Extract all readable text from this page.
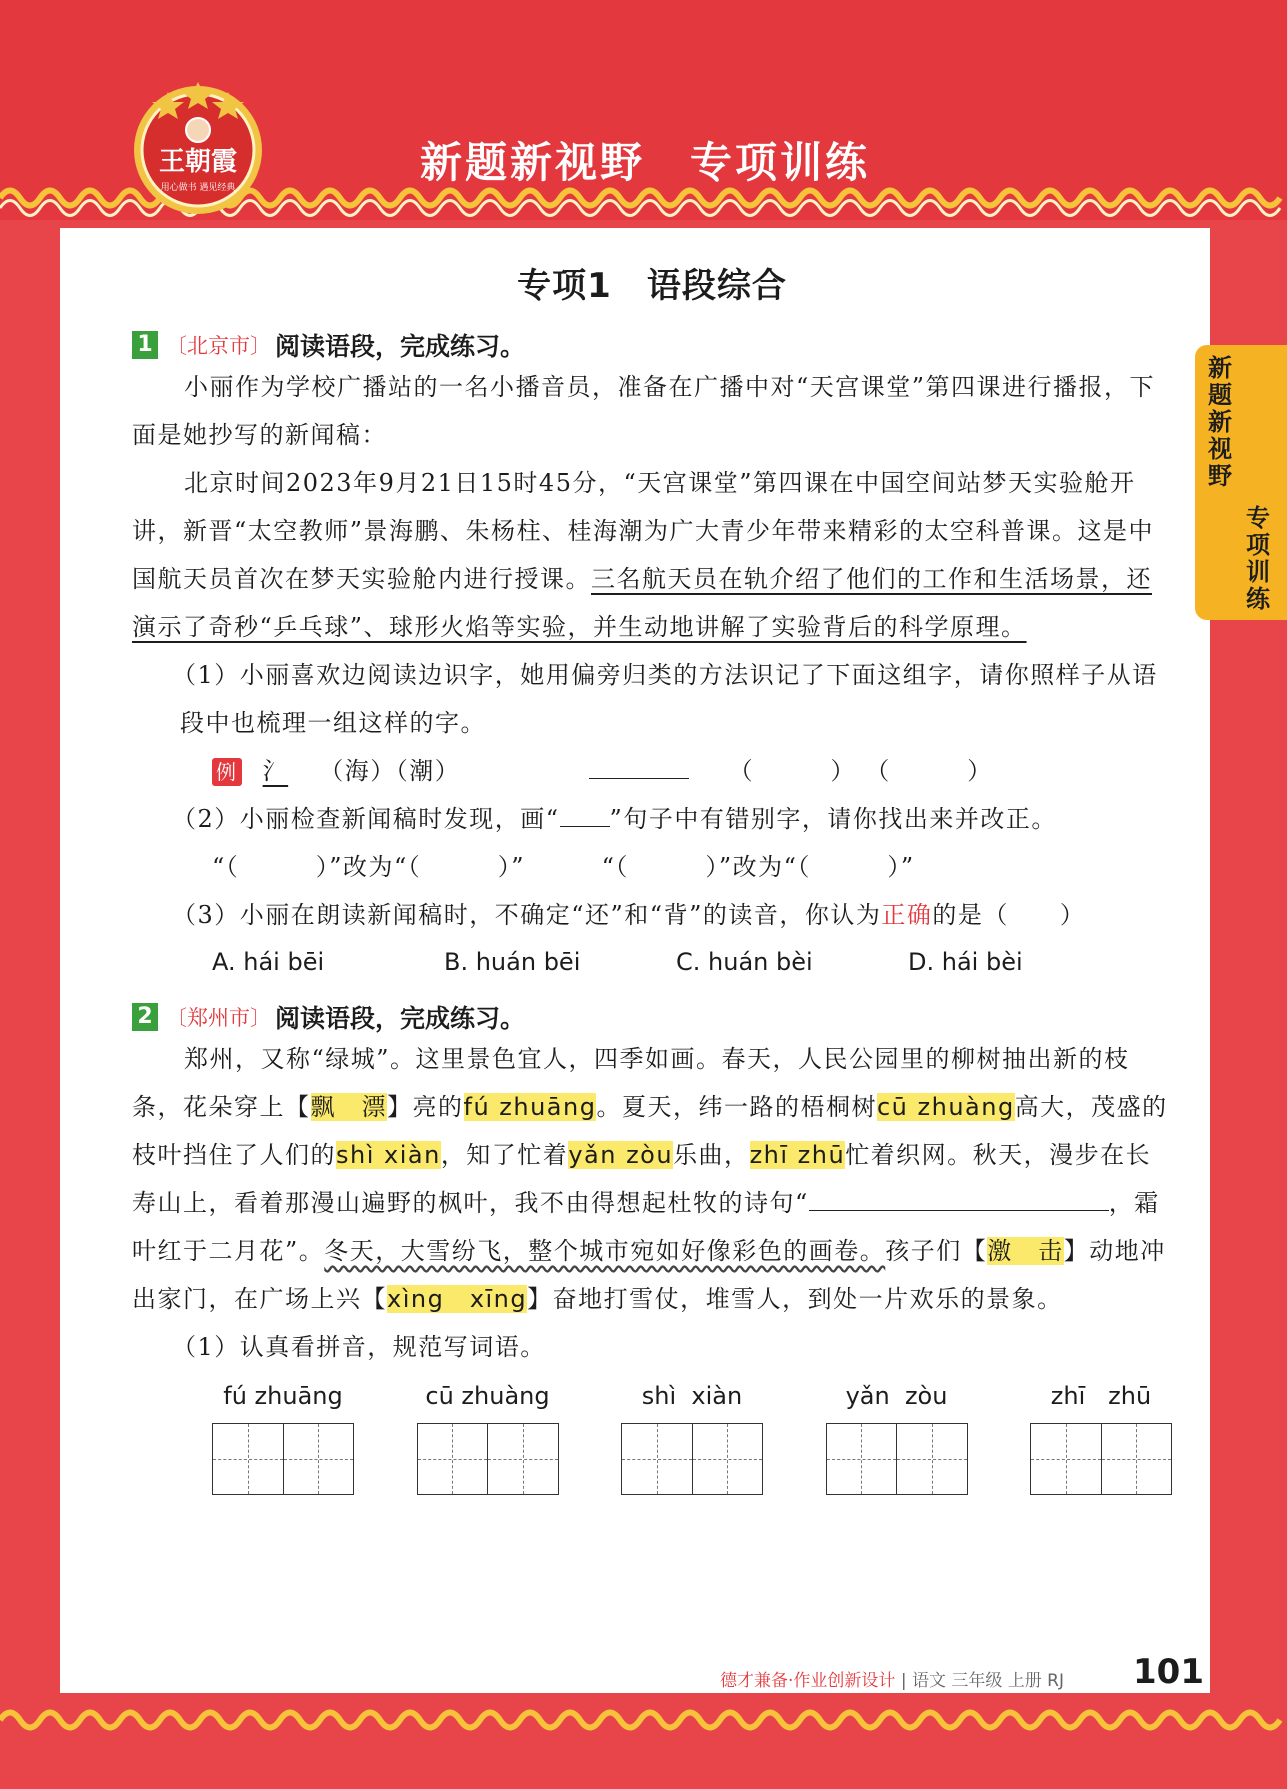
新题新视野　专项训练
王朝霞
用心做书 遇见经典
新题新视野
专项训练
专项1　语段综合
1 〔北京市〕 阅读语段，完成练习。

小丽作为学校广播站的一名小播音员，准备在广播中对“天宫课堂”第四课进行播报，下面是她抄写的新闻稿：

北京时间2023年9月21日15时45分，“天宫课堂”第四课在中国空间站梦天实验舱开讲，新晋“太空教师”景海鹏、朱杨柱、桂海潮为广大青少年带来精彩的太空科普课。这是中国航天员首次在梦天实验舱内进行授课。三名航天员在轨介绍了他们的工作和生活场景，还演示了奇秒“乒乓球”、球形火焰等实验，并生动地讲解了实验背后的科学原理。

（1）小丽喜欢边阅读边识字，她用偏旁归类的方法识记了下面这组字，请你照样子从语段中也梳理一组这样的字。

例 氵 （海）（潮）	（　　　） （　　　）

（2）小丽检查新闻稿时发现，画“ ”句子中有错别字，请你找出来并改正。

“（　　　）”改为“（　　　）”　　　“（　　　）”改为“（　　　）”

（3）小丽在朗读新闻稿时，不确定“还”和“背”的读音，你认为正确的是（　　）

A. hái bēi	B. huán bēi	C. huán bèi	D. hái bèi
2 〔郑州市〕 阅读语段，完成练习。

郑州，又称“绿城”。这里景色宜人，四季如画。春天，人民公园里的柳树抽出新的枝条，花朵穿上【飘　漂】亮的fú zhuāng。夏天，纬一路的梧桐树cū zhuàng高大，茂盛的枝叶挡住了人们的shì xiàn，知了忙着yǎn zòu乐曲，zhī zhū忙着织网。秋天，漫步在长寿山上，看着那漫山遍野的枫叶，我不由得想起杜牧的诗句“	，霜叶红于二月花”。冬天，大雪纷飞，整个城市宛如好像彩色的画卷。孩子们【激　击】动地冲出家门，在广场上兴【xìng　xīng】奋地打雪仗，堆雪人，到处一片欢乐的景象。

（1）认真看拼音，规范写词语。

fú zhuāng	cū zhuàng	shì  xiàn	yǎn  zòu	zhī   zhū
德才兼备·作业创新设计 | 语文 三年级 上册 RJ 101
